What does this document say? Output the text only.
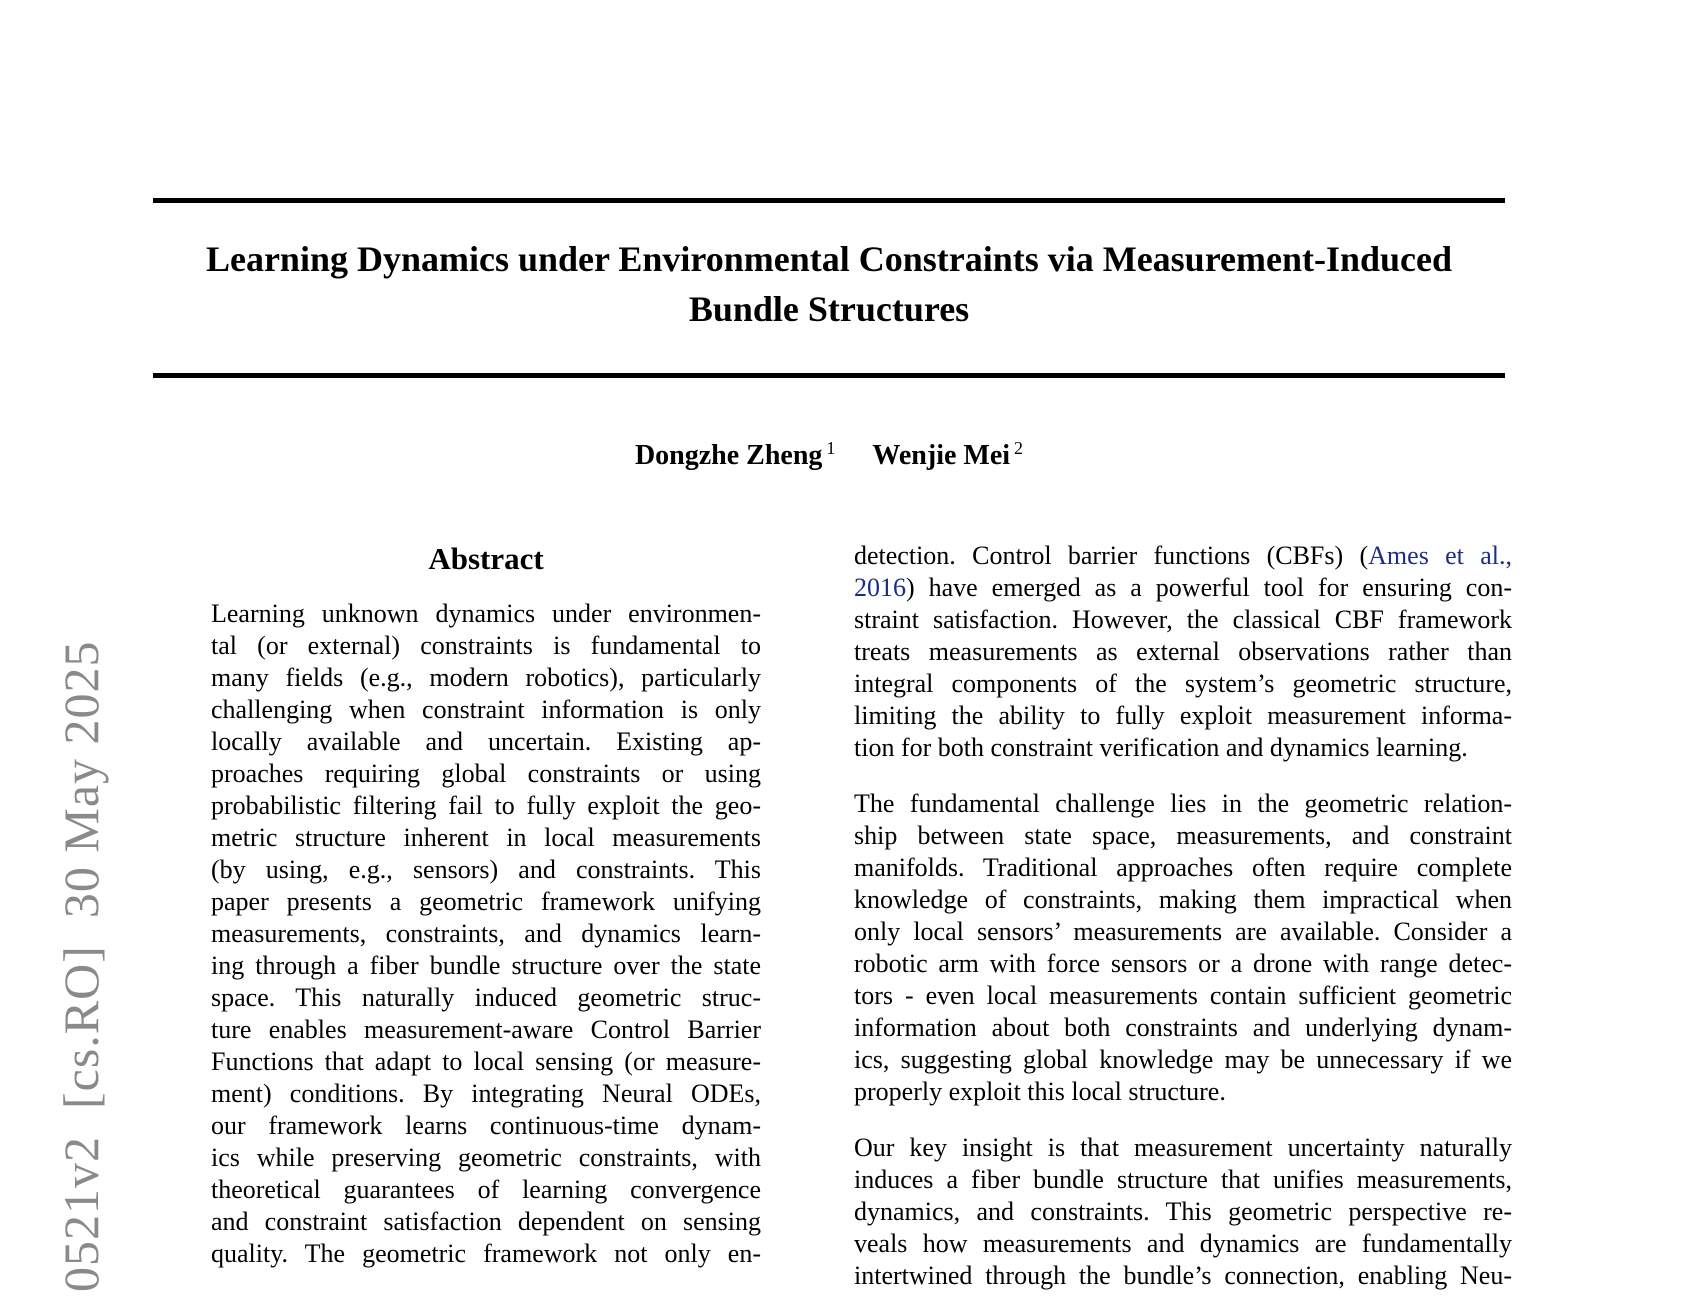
0521v2  [cs.RO]  30 May 2025
Learning Dynamics under Environmental Constraints via Measurement-Induced
Bundle Structures
Dongzhe Zheng $^1$ Wenjie Mei $^2$
Abstract
Learning unknown dynamics under environmen-
tal (or external) constraints is fundamental to
many fields (e.g., modern robotics), particularly
challenging when constraint information is only
locally available and uncertain. Existing ap-
proaches requiring global constraints or using
probabilistic filtering fail to fully exploit the geo-
metric structure inherent in local measurements
(by using, e.g., sensors) and constraints. This
paper presents a geometric framework unifying
measurements, constraints, and dynamics learn-
ing through a fiber bundle structure over the state
space. This naturally induced geometric struc-
ture enables measurement-aware Control Barrier
Functions that adapt to local sensing (or measure-
ment) conditions. By integrating Neural ODEs,
our framework learns continuous-time dynam-
ics while preserving geometric constraints, with
theoretical guarantees of learning convergence
and constraint satisfaction dependent on sensing
quality. The geometric framework not only en-
detection. Control barrier functions (CBFs) (Ames et al.,
2016) have emerged as a powerful tool for ensuring con-
straint satisfaction. However, the classical CBF framework
treats measurements as external observations rather than
integral components of the system’s geometric structure,
limiting the ability to fully exploit measurement informa-
tion for both constraint verification and dynamics learning.
The fundamental challenge lies in the geometric relation-
ship between state space, measurements, and constraint
manifolds. Traditional approaches often require complete
knowledge of constraints, making them impractical when
only local sensors’ measurements are available. Consider a
robotic arm with force sensors or a drone with range detec-
tors - even local measurements contain sufficient geometric
information about both constraints and underlying dynam-
ics, suggesting global knowledge may be unnecessary if we
properly exploit this local structure.
Our key insight is that measurement uncertainty naturally
induces a fiber bundle structure that unifies measurements,
dynamics, and constraints. This geometric perspective re-
veals how measurements and dynamics are fundamentally
intertwined through the bundle’s connection, enabling Neu-
